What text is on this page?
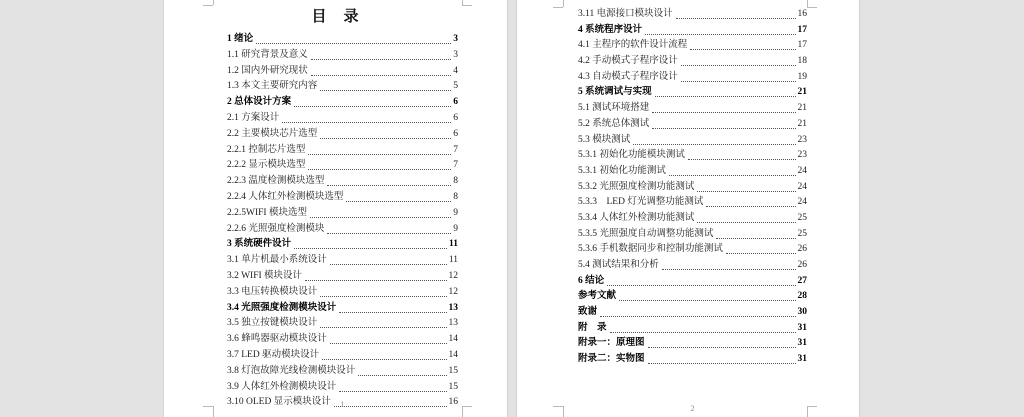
目　录
1 绪论	3
1.1 研究背景及意义	3
1.2 国内外研究现状	4
1.3 本文主要研究内容	5
2 总体设计方案	6
2.1 方案设计	6
2.2 主要模块芯片选型	6
2.2.1 控制芯片选型	7
2.2.2 显示模块选型	7
2.2.3 温度检测模块选型	8
2.2.4 人体红外检测模块选型	8
2.2.5WIFI 模块选型	9
2.2.6 光照强度检测模块	9
3 系统硬件设计	11
3.1 单片机最小系统设计	11
3.2 WIFI 模块设计	12
3.3 电压转换模块设计	12
3.4 光照强度检测模块设计	13
3.5 独立按键模块设计	13
3.6 蜂鸣器驱动模块设计	14
3.7 LED 驱动模块设计	14
3.8 灯泡故障光线检测模块设计	15
3.9 人体红外检测模块设计	15
3.10 OLED 显示模块设计	16
1
3.11 电源接口模块设计	16
4 系统程序设计	17
4.1 主程序的软件设计流程	17
4.2 手动模式子程序设计	18
4.3 自动模式子程序设计	19
5 系统调试与实现	21
5.1 测试环境搭建	21
5.2 系统总体测试	21
5.3 模块测试	23
5.3.1 初始化功能模块测试	23
5.3.1 初始化功能测试	24
5.3.2 光照强度检测功能测试	24
5.3.3　LED 灯光调整功能测试	24
5.3.4 人体红外检测功能测试	25
5.3.5 光照强度自动调整功能测试	25
5.3.6 手机数据同步和控制功能测试	26
5.4 测试结果和分析	26
6 结论	27
参考文献	28
致谢	30
附　录	31
附录一：原理图	31
附录二：实物图	31
2
